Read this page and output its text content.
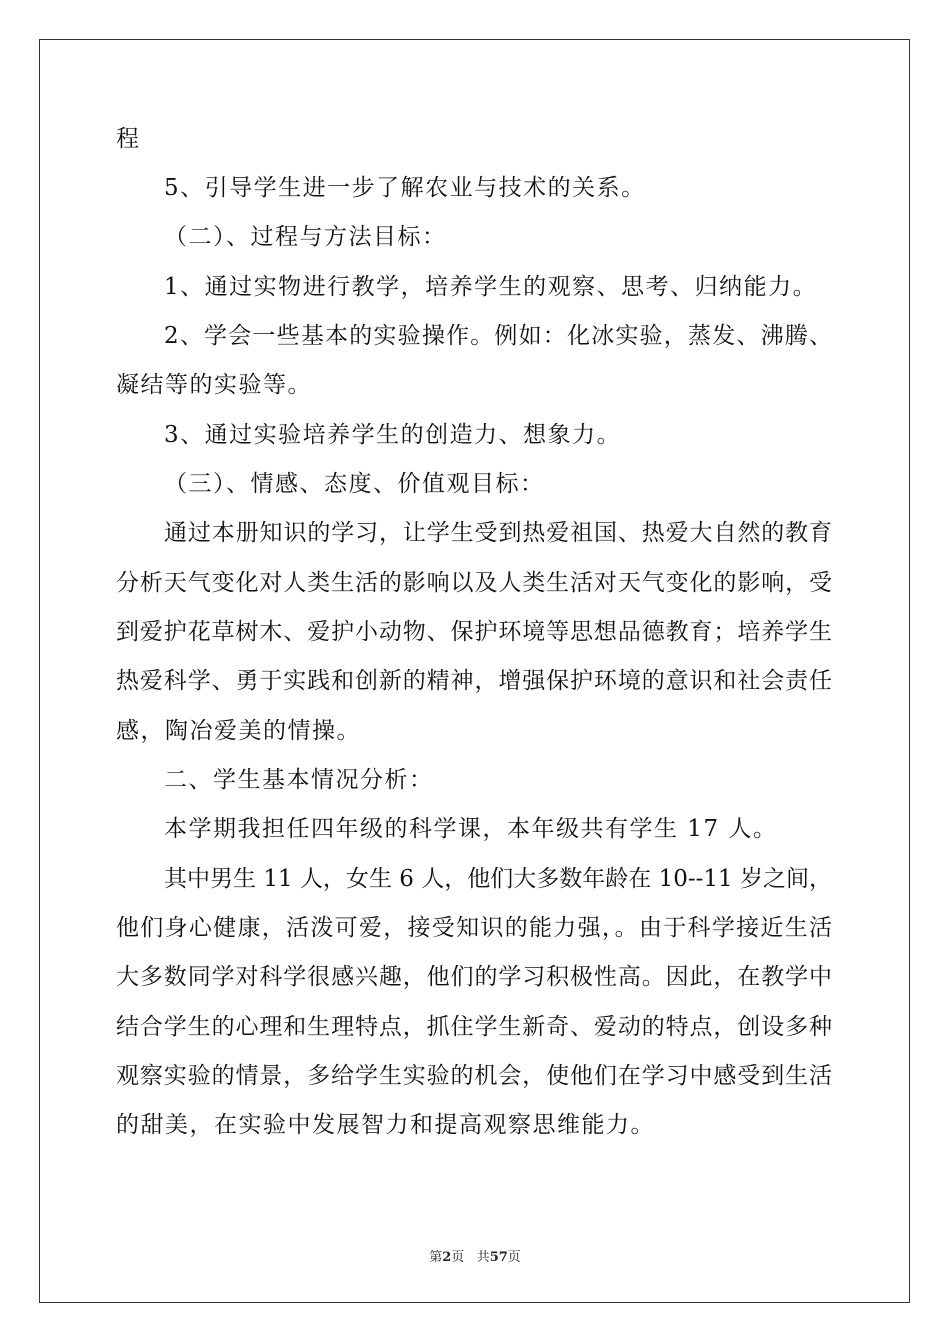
程
5、引导学生进一步了解农业与技术的关系。
（二）、过程与方法目标：
1、通过实物进行教学，培养学生的观察、思考、归纳能力。
2、学会一些基本的实验操作。例如：化冰实验，蒸发、沸腾、
凝结等的实验等。
3、通过实验培养学生的创造力、想象力。
（三）、情感、态度、价值观目标：
通过本册知识的学习，让学生受到热爱祖国、热爱大自然的教育
分析天气变化对人类生活的影响以及人类生活对天气变化的影响，受
到爱护花草树木、爱护小动物、保护环境等思想品德教育；培养学生
热爱科学、勇于实践和创新的精神，增强保护环境的意识和社会责任
感，陶冶爱美的情操。
二、学生基本情况分析：
本学期我担任四年级的科学课，本年级共有学生 17 人。
其中男生 11 人，女生 6 人，他们大多数年龄在 10--11 岁之间，
他们身心健康，活泼可爱，接受知识的能力强，。由于科学接近生活
大多数同学对科学很感兴趣，他们的学习积极性高。因此，在教学中
结合学生的心理和生理特点，抓住学生新奇、爱动的特点，创设多种
观察实验的情景，多给学生实验的机会，使他们在学习中感受到生活
的甜美，在实验中发展智力和提高观察思维能力。
第2页 共57页
